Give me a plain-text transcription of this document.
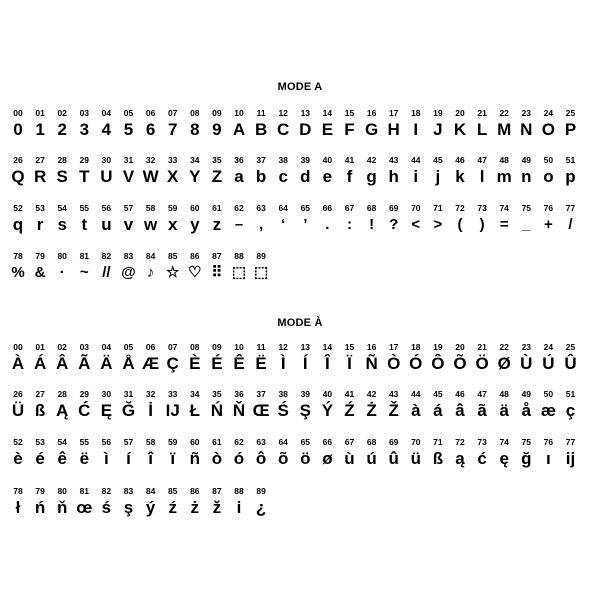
MODE A
MODE À
00
0
01
1
02
2
03
3
04
4
05
5
06
6
07
7
08
8
09
9
10
A
11
B
12
C
13
D
14
E
15
F
16
G
17
H
18
I
19
J
20
K
21
L
22
M
23
N
24
O
25
P
26
Q
27
R
28
S
29
T
30
U
31
V
32
W
33
X
34
Y
35
Z
36
a
37
b
38
c
39
d
40
e
41
f
42
g
43
h
44
i
45
j
46
k
47
l
48
m
49
n
50
o
51
p
52
q
53
r
54
s
55
t
56
u
57
v
58
w
59
x
60
y
61
z
62
–
63
,
64
‘
65
’
66
.
67
:
68
!
69
?
70
<
71
>
72
(
73
)
74
=
75
_
76
+
77
/
78
%
79
&
80
·
81
~
82
//
83
@
84
♪
85
☆
86
♡
87
⠿
88
⬚
89
⬚
00
À
01
Á
02
Â
03
Ã
04
Ä
05
Å
06
Æ
07
Ç
08
È
09
É
10
Ê
11
Ë
12
Ì
13
Í
14
Î
15
Ï
16
Ñ
17
Ò
18
Ó
19
Ô
20
Õ
21
Ö
22
Ø
23
Ù
24
Ú
25
Û
26
Ü
27
ß
28
Ą
29
Ć
30
Ę
31
Ğ
32
İ
33
IJ
34
Ł
35
Ń
36
Ň
37
Œ
38
Ś
39
Ş
40
Ý
41
Ź
42
Ż
43
Ž
44
à
45
á
46
â
47
ã
48
ä
49
å
50
æ
51
ç
52
è
53
é
54
ê
55
ë
56
ì
57
í
58
î
59
ï
60
ñ
61
ò
62
ó
63
ô
64
õ
65
ö
66
ø
67
ù
68
ú
69
û
70
ü
71
ß
72
ą
73
ć
74
ę
75
ğ
76
ı
77
ij
78
ł
79
ń
80
ň
81
œ
82
ś
83
ş
84
ý
85
ź
86
ż
87
ž
88
i
89
¿
